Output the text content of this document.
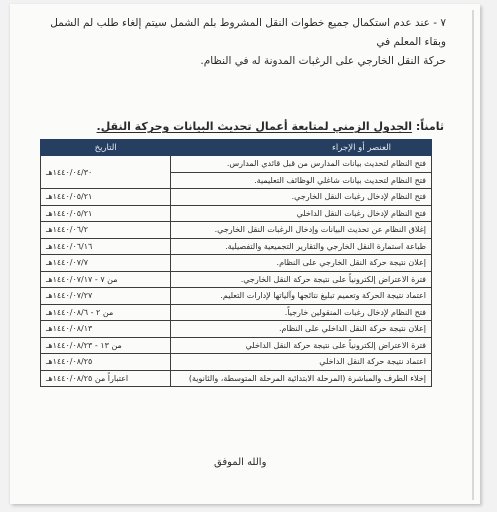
٧ - عند عدم استكمال جميع خطوات النقل المشروط بلم الشمل سيتم إلغاء طلب لم الشمل وبقاء المعلم في
حركة النقل الخارجي على الرغبات المدونة له في النظام.
ثامناً: الجدول الزمني لمتابعة أعمال تحديث البيانات وحركة النقل.
العنصر أو الإجراء	التاريخ
فتح النظام لتحديث بيانات المدارس من قبل قائدي المدارس.	١٤٤٠/٠٤/٣٠هـ
فتح النظام لتحديث بيانات شاغلي الوظائف التعليمية.	
فتح النظام لإدخال رغبات النقل الخارجي.	١٤٤٠/٠٥/٢١هـ
فتح النظام لإدخال رغبات النقل الداخلي	١٤٤٠/٠٥/٢١هـ
إغلاق النظام عن تحديث البيانات وإدخال الرغبات النقل الخارجي.	١٤٤٠/٠٦/٢هـ
طباعة استمارة النقل الخارجي والتقارير التجميعية والتفصيلية.	١٤٤٠/٠٦/١٦هـ
إعلان نتيجة حركة النقل الخارجي على النظام.	١٤٤٠/٠٧/٧هـ
فترة الاعتراض إلكترونياً على نتيجة حركة النقل الخارجي.	من ٧ - ١٤٤٠/٠٧/١٧هـ
اعتماد نتيجة الحركة وتعميم تبليغ نتائجها وآلياتها لإدارات التعليم.	١٤٤٠/٠٧/٢٧هـ
فتح النظام لإدخال رغبات المنقولين خارجياً.	من ٢ - ١٤٤٠/٠٨/٦هـ
إعلان نتيجة حركة النقل الداخلي على النظام.	١٤٤٠/٠٨/١٣هـ
فترة الاعتراض إلكترونياً على نتيجة حركة النقل الداخلي	من ١٣ - ١٤٤٠/٠٨/٢٣هـ
اعتماد نتيجة حركة النقل الداخلي	١٤٤٠/٠٨/٢٥هـ
إخلاء الطرف والمباشرة (المرحلة الابتدائية المرحلة المتوسطة، والثانوية)	اعتباراً من ١٤٤٠/٠٨/٢٥هـ
والله الموفق
